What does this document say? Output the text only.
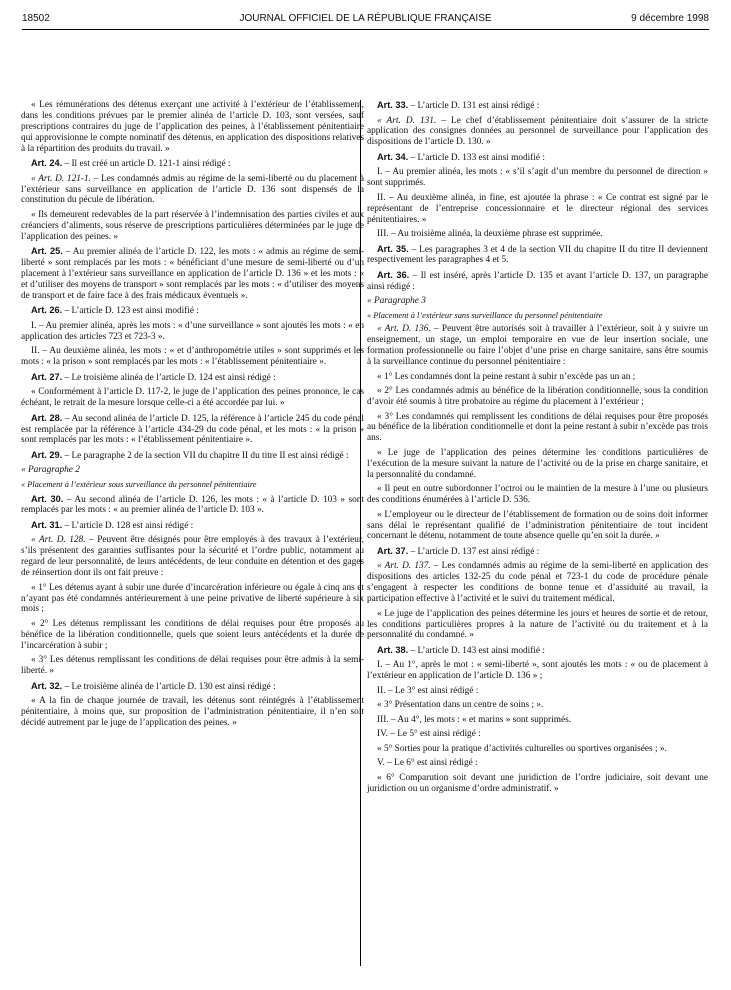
18502	JOURNAL OFFICIEL DE LA RÉPUBLIQUE FRANÇAISE	9 décembre 1998

« Les rémunérations des détenus exerçant une activité à l’extérieur de l’établissement, dans les conditions prévues par le premier alinéa de l’article D. 103, sont versées, sauf prescriptions contraires du juge de l’application des peines, à l’établissement pénitentiaire qui approvisionne le compte nominatif des détenus, en application des dispositions relatives à la répartition des produits du travail. »

Art. 24. – Il est créé un article D. 121-1 ainsi rédigé :

« Art. D. 121-1. – Les condamnés admis au régime de la semi-liberté ou du placement à l’extérieur sans surveillance en application de l’article D. 136 sont dispensés de la constitution du pécule de libération.

« Ils demeurent redevables de la part réservée à l’indemnisation des parties civiles et aux créanciers d’aliments, sous réserve de prescriptions particulières déterminées par le juge de l’application des peines. »

Art. 25. – Au premier alinéa de l’article D. 122, les mots : « admis au régime de semi-liberté » sont remplacés par les mots : « bénéficiant d’une mesure de semi-liberté ou d’un placement à l’extérieur sans surveillance en application de l’article D. 136 » et les mots : « et d’utiliser des moyens de transport » sont remplacés par les mots : « d’utiliser des moyens de transport et de faire face à des frais médicaux éventuels ».

Art. 26. – L’article D. 123 est ainsi modifié :

I. – Au premier alinéa, après les mots : « d’une surveillance » sont ajoutés les mots : « en application des articles 723 et 723-3 ».

II. – Au deuxième alinéa, les mots : « et d’anthropométrie utiles » sont supprimés et les mots : « la prison » sont remplacés par les mots : « l’établissement pénitentiaire ».

Art. 27. – Le troisième alinéa de l’article D. 124 est ainsi rédigé :

« Conformément à l’article D. 117-2, le juge de l’application des peines prononce, le cas échéant, le retrait de la mesure lorsque celle-ci a été accordée par lui. »

Art. 28. – Au second alinéa de l’article D. 125, la référence à l’article 245 du code pénal est remplacée par la référence à l’article 434-29 du code pénal, et les mots : « la prison » sont remplacés par les mots : « l’établissement pénitentiaire ».

Art. 29. – Le paragraphe 2 de la section VII du chapitre II du titre II est ainsi rédigé :

« Paragraphe 2

« Placement à l’extérieur sous surveillance du personnel pénitentiaire

Art. 30. – Au second alinéa de l’article D. 126, les mots : « à l’article D. 103 » sont remplacés par les mots : « au premier alinéa de l’article D. 103 ».

Art. 31. – L’article D. 128 est ainsi rédigé :

« Art. D. 128. – Peuvent être désignés pour être employés à des travaux à l’extérieur, s’ils présentent des garanties suffisantes pour la sécurité et l’ordre public, notamment au regard de leur personnalité, de leurs antécédents, de leur conduite en détention et des gages de réinsertion dont ils ont fait preuve :

« 1° Les détenus ayant à subir une durée d’incarcération inférieure ou égale à cinq ans et n’ayant pas été condamnés antérieurement à une peine privative de liberté supérieure à six mois ;

« 2° Les détenus remplissant les conditions de délai requises pour être proposés au bénéfice de la libération conditionnelle, quels que soient leurs antécédents et la durée de l’incarcération à subir ;

« 3° Les détenus remplissant les conditions de délai requises pour être admis à la semi-liberté. »

Art. 32. – Le troisième alinéa de l’article D. 130 est ainsi rédigé :

« A la fin de chaque journée de travail, les détenus sont réintégrés à l’établissement pénitentiaire, à moins que, sur proposition de l’administration pénitentiaire, il n’en soit décidé autrement par le juge de l’application des peines. »

Art. 33. – L’article D. 131 est ainsi rédigé :

« Art. D. 131. – Le chef d’établissement pénitentiaire doit s’assurer de la stricte application des consignes données au personnel de surveillance pour l’application des dispositions de l’article D. 130. »

Art. 34. – L’article D. 133 est ainsi modifié :

I. – Au premier alinéa, les mots : « s’il s’agit d’un membre du personnel de direction » sont supprimés.

II. – Au deuxième alinéa, in fine, est ajoutée la phrase : « Ce contrat est signé par le représentant de l’entreprise concessionnaire et le directeur régional des services pénitentiaires. »

III. – Au troisième alinéa, la deuxième phrase est supprimée.

Art. 35. – Les paragraphes 3 et 4 de la section VII du chapitre II du titre II deviennent respectivement les paragraphes 4 et 5.

Art. 36. – Il est inséré, après l’article D. 135 et avant l’article D. 137, un paragraphe ainsi rédigé :

« Paragraphe 3

« Placement à l’extérieur sans surveillance du personnel pénitentiaire

« Art. D. 136. – Peuvent être autorisés soit à travailler à l’extérieur, soit à y suivre un enseignement, un stage, un emploi temporaire en vue de leur insertion sociale, une formation professionnelle ou faire l’objet d’une prise en charge sanitaire, sans être soumis à la surveillance continue du personnel pénitentiaire :

« 1° Les condamnés dont la peine restant à subir n’excède pas un an ;

« 2° Les condamnés admis au bénéfice de la libération conditionnelle, sous la condition d’avoir été soumis à titre probatoire au régime du placement à l’extérieur ;

« 3° Les condamnés qui remplissent les conditions de délai requises pour être proposés au bénéfice de la libération conditionnelle et dont la peine restant à subir n’excède pas trois ans.

« Le juge de l’application des peines détermine les conditions particulières de l’exécution de la mesure suivant la nature de l’activité ou de la prise en charge sanitaire, et la personnalité du condamné.

« Il peut en outre subordonner l’octroi ou le maintien de la mesure à l’une ou plusieurs des conditions énumérées à l’article D. 536.

« L’employeur ou le directeur de l’établissement de formation ou de soins doit informer sans délai le représentant qualifié de l’administration pénitentiaire de tout incident concernant le détenu, notamment de toute absence quelle qu’en soit la durée. »

Art. 37. – L’article D. 137 est ainsi rédigé :

« Art. D. 137. – Les condamnés admis au régime de la semi-liberté en application des dispositions des articles 132-25 du code pénal et 723-1 du code de procédure pénale s’engagent à respecter les conditions de bonne tenue et d’assiduité au travail, la participation effective à l’activité et le suivi du traitement médical.

« Le juge de l’application des peines détermine les jours et heures de sortie et de retour, les conditions particulières propres à la nature de l’activité ou du traitement et à la personnalité du condamné. »

Art. 38. – L’article D. 143 est ainsi modifié :

I. – Au 1°, après le mot : « semi-liberté », sont ajoutés les mots : « ou de placement à l’extérieur en application de l’article D. 136 » ;

II. – Le 3° est ainsi rédigé :

« 3° Présentation dans un centre de soins ; ».

III. – Au 4°, les mots : « et marins » sont supprimés.

IV. – Le 5° est ainsi rédigé :

« 5° Sorties pour la pratique d’activités culturelles ou sportives organisées ; ».

V. – Le 6° est ainsi rédigé :

« 6° Comparution soit devant une juridiction de l’ordre judiciaire, soit devant une juridiction ou un organisme d’ordre administratif. »
